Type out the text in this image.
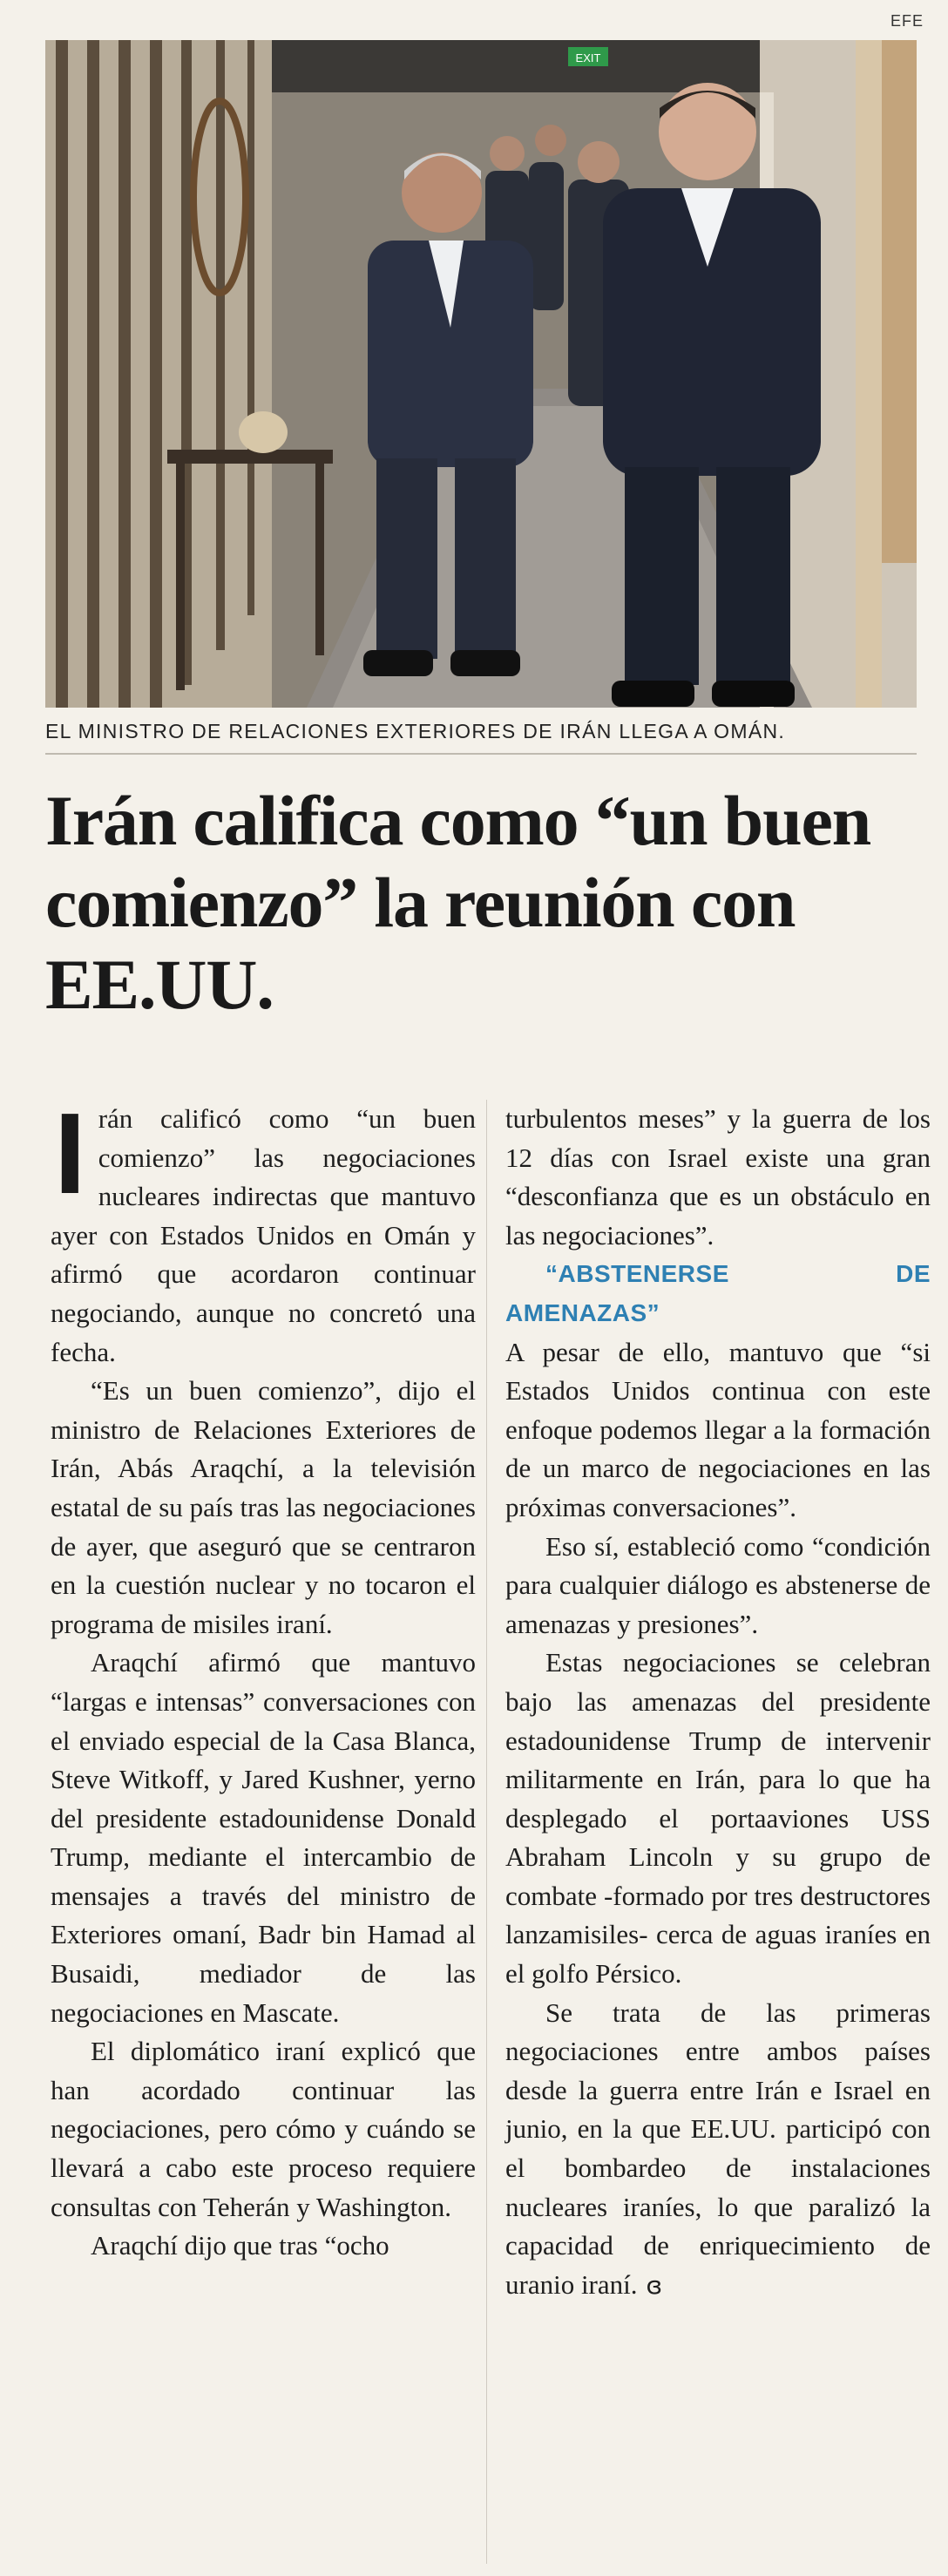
EFE
EXIT
EL MINISTRO DE RELACIONES EXTERIORES DE IRÁN LLEGA A OMÁN.
Irán califica como “un buen comienzo” la reunión con EE.UU.

Irán calificó como “un buen comienzo” las negociaciones nucleares indirectas que mantuvo ayer con Estados Unidos en Omán y afirmó que acordaron continuar negociando, aunque no concretó una fecha.

“Es un buen comienzo”, dijo el ministro de Relaciones Exteriores de Irán, Abás Araqchí, a la televisión estatal de su país tras las negociaciones de ayer, que aseguró que se centraron en la cuestión nuclear y no tocaron el programa de misiles iraní.

Araqchí afirmó que mantuvo “largas e intensas” conversaciones con el enviado especial de la Casa Blanca, Steve Witkoff, y Jared Kushner, yerno del presidente estadounidense Donald Trump, mediante el intercambio de mensajes a través del ministro de Exteriores omaní, Badr bin Hamad al Busaidi, mediador de las negociaciones en Mascate.

El diplomático iraní explicó que han acordado continuar las negociaciones, pero cómo y cuándo se llevará a cabo este proceso requiere consultas con Teherán y Washington.

Araqchí dijo que tras “ocho

turbulentos meses” y la guerra de los 12 días con Israel existe una gran “desconfianza que es un obstáculo en las negociaciones”.

“ABSTENERSE DE AMENAZAS”

A pesar de ello, mantuvo que “si Estados Unidos continua con este enfoque podemos llegar a la formación de un marco de negociaciones en las próximas conversaciones”.

Eso sí, estableció como “condición para cualquier diálogo es abstenerse de amenazas y presiones”.

Estas negociaciones se celebran bajo las amenazas del presidente estadounidense Trump de intervenir militarmente en Irán, para lo que ha desplegado el portaaviones USS Abraham Lincoln y su grupo de combate -formado por tres destructores lanzamisiles- cerca de aguas iraníes en el golfo Pérsico.

Se trata de las primeras negociaciones entre ambos países desde la guerra entre Irán e Israel en junio, en la que EE.UU. participó con el bombardeo de instalaciones nucleares iraníes, lo que paralizó la capacidad de enriquecimiento de uranio iraní. ɞ
